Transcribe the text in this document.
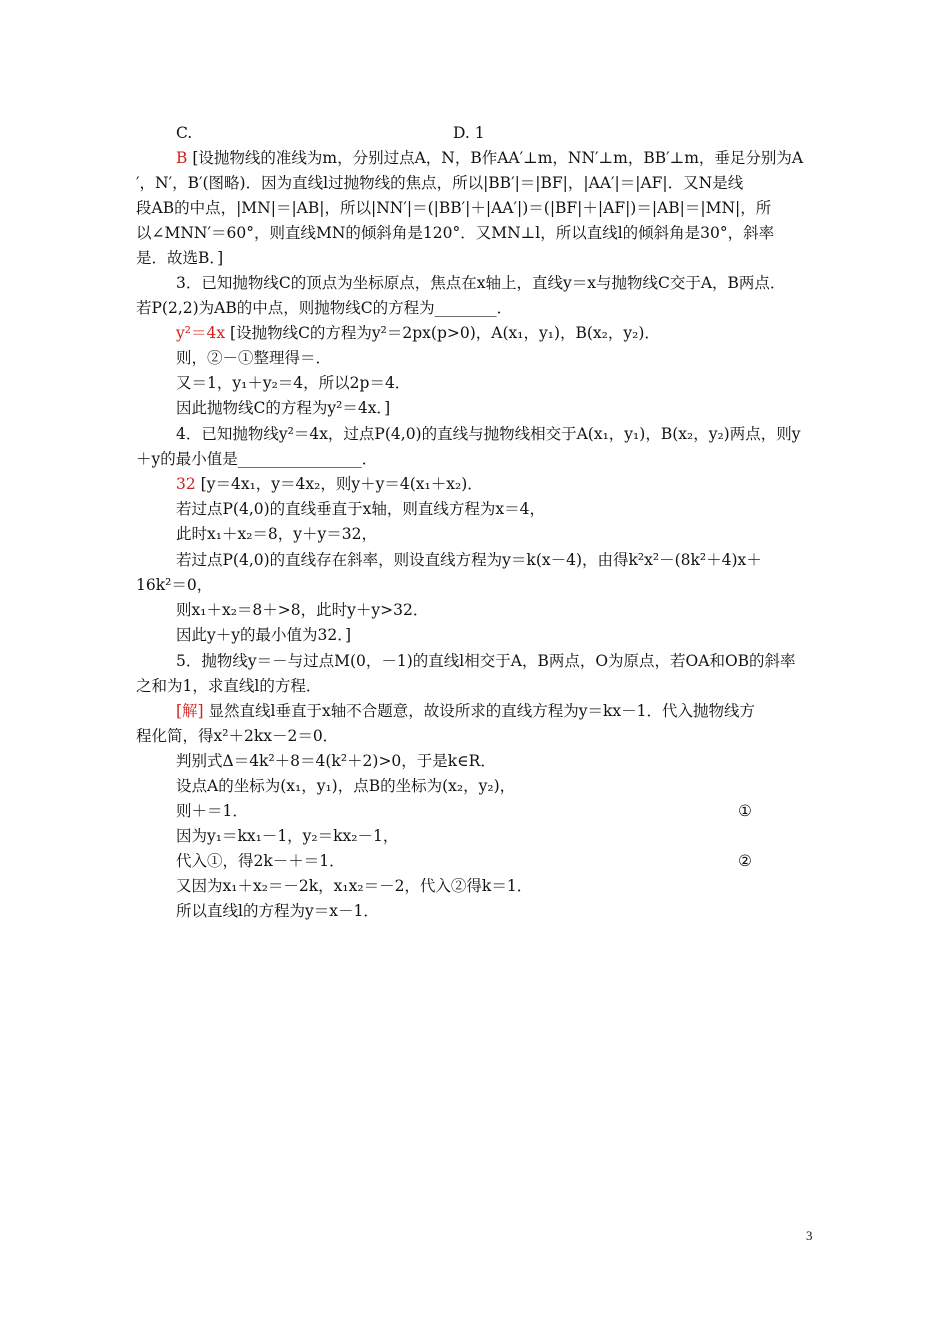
C.	D. 1
B [设抛物线的准线为m，分别过点A，N，B作AA′⊥m，NN′⊥m，BB′⊥m，垂足分别为A
′，N′，B′(图略)．因为直线l过抛物线的焦点，所以|BB′|＝|BF|，|AA′|＝|AF|．又N是线
段AB的中点，|MN|＝|AB|，所以|NN′|＝(|BB′|＋|AA′|)＝(|BF|＋|AF|)＝|AB|＝|MN|，所
以∠MNN′＝60°，则直线MN的倾斜角是120°．又MN⊥l，所以直线l的倾斜角是30°，斜率
是．故选B．]
3．已知抛物线C的顶点为坐标原点，焦点在x轴上，直线y＝x与抛物线C交于A，B两点．
若P(2,2)为AB的中点，则抛物线C的方程为________．
y²＝4x [设抛物线C的方程为y²＝2px(p>0)，A(x₁，y₁)，B(x₂，y₂)．
则，②－①整理得＝．
又＝1，y₁＋y₂＝4，所以2p＝4．
因此抛物线C的方程为y²＝4x．]
4．已知抛物线y²＝4x，过点P(4,0)的直线与抛物线相交于A(x₁，y₁)，B(x₂，y₂)两点，则y
＋y的最小值是________________．
32 [y＝4x₁，y＝4x₂，则y＋y＝4(x₁＋x₂)．
若过点P(4,0)的直线垂直于x轴，则直线方程为x＝4，
此时x₁＋x₂＝8，y＋y＝32，
若过点P(4,0)的直线存在斜率，则设直线方程为y＝k(x－4)，由得k²x²－(8k²＋4)x＋
16k²＝0，
则x₁＋x₂＝8＋>8，此时y＋y>32．
因此y＋y的最小值为32．]
5．抛物线y＝－与过点M(0，－1)的直线l相交于A，B两点，O为原点，若OA和OB的斜率
之和为1，求直线l的方程．
[解] 显然直线l垂直于x轴不合题意，故设所求的直线方程为y＝kx－1．代入抛物线方
程化简，得x²＋2kx－2＝0．
判别式Δ＝4k²＋8＝4(k²＋2)>0，于是k∈R．
设点A的坐标为(x₁，y₁)，点B的坐标为(x₂，y₂)，
则＋＝1．	①
因为y₁＝kx₁－1，y₂＝kx₂－1，
代入①，得2k－＋＝1．	②
又因为x₁＋x₂＝－2k，x₁x₂＝－2，代入②得k＝1．
所以直线l的方程为y＝x－1．
3
